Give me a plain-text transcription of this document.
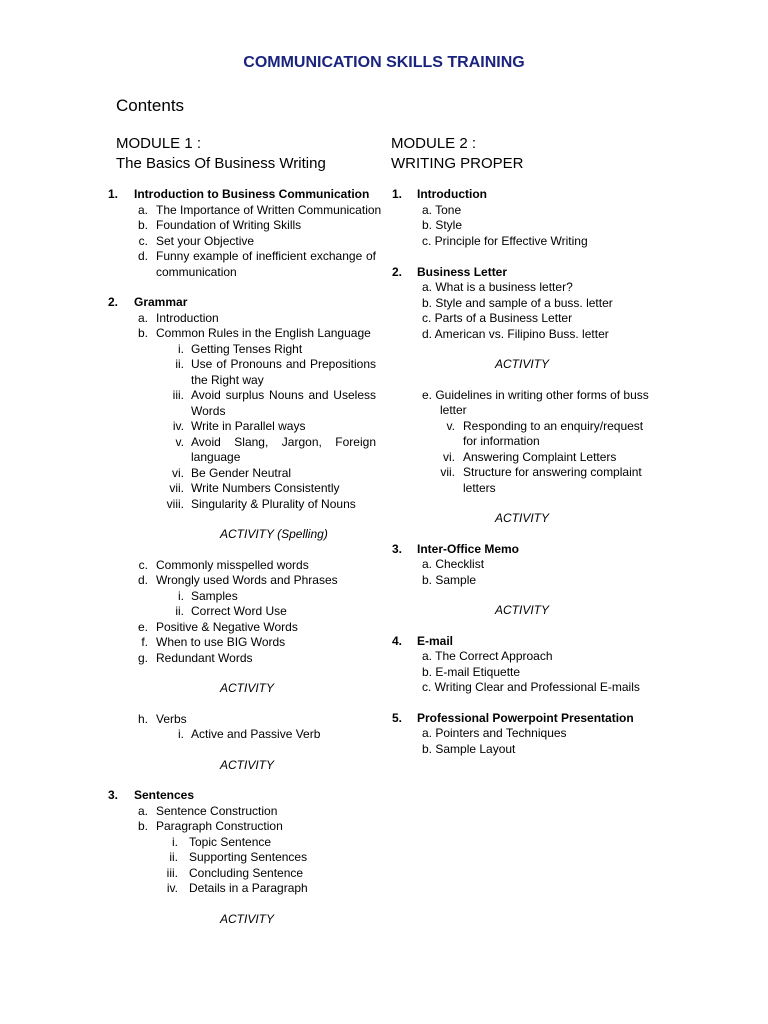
COMMUNICATION SKILLS TRAINING
Contents
MODULE 1 :
The Basics Of Business Writing
MODULE 2 :
WRITING PROPER
1. Introduction to Business Communication
a. The Importance of Written Communication
b. Foundation of Writing Skills
c. Set your Objective
d. Funny example of inefficient exchange of
communication
2. Grammar
a. Introduction
b. Common Rules in the English Language
i. Getting Tenses Right
ii. Use of Pronouns and Prepositions
the Right way
iii. Avoid surplus Nouns and Useless
Words
iv. Write in Parallel ways
v. Avoid Slang, Jargon, Foreign
language
vi. Be Gender Neutral
vii. Write Numbers Consistently
viii. Singularity & Plurality of Nouns
ACTIVITY (Spelling)
c. Commonly misspelled words
d. Wrongly used Words and Phrases
i. Samples
ii. Correct Word Use
e. Positive & Negative Words
f. When to use BIG Words
g. Redundant Words
ACTIVITY
h. Verbs
i. Active and Passive Verb
ACTIVITY
3. Sentences
a. Sentence Construction
b. Paragraph Construction
i. Topic Sentence
ii. Supporting Sentences
iii. Concluding Sentence
iv. Details in a Paragraph
ACTIVITY
1. Introduction
a. Tone
b. Style
c. Principle for Effective Writing
2. Business Letter
a. What is a business letter?
b. Style and sample of a buss. letter
c. Parts of a Business Letter
d. American vs. Filipino Buss. letter
ACTIVITY
e. Guidelines in writing other forms of buss
letter
v. Responding to an enquiry/request
for information
vi. Answering Complaint Letters
vii. Structure for answering complaint
letters
ACTIVITY
3. Inter-Office Memo
a. Checklist
b. Sample
ACTIVITY
4. E-mail
a. The Correct Approach
b. E-mail Etiquette
c. Writing Clear and Professional E-mails
5. Professional Powerpoint Presentation
a. Pointers and Techniques
b. Sample Layout
